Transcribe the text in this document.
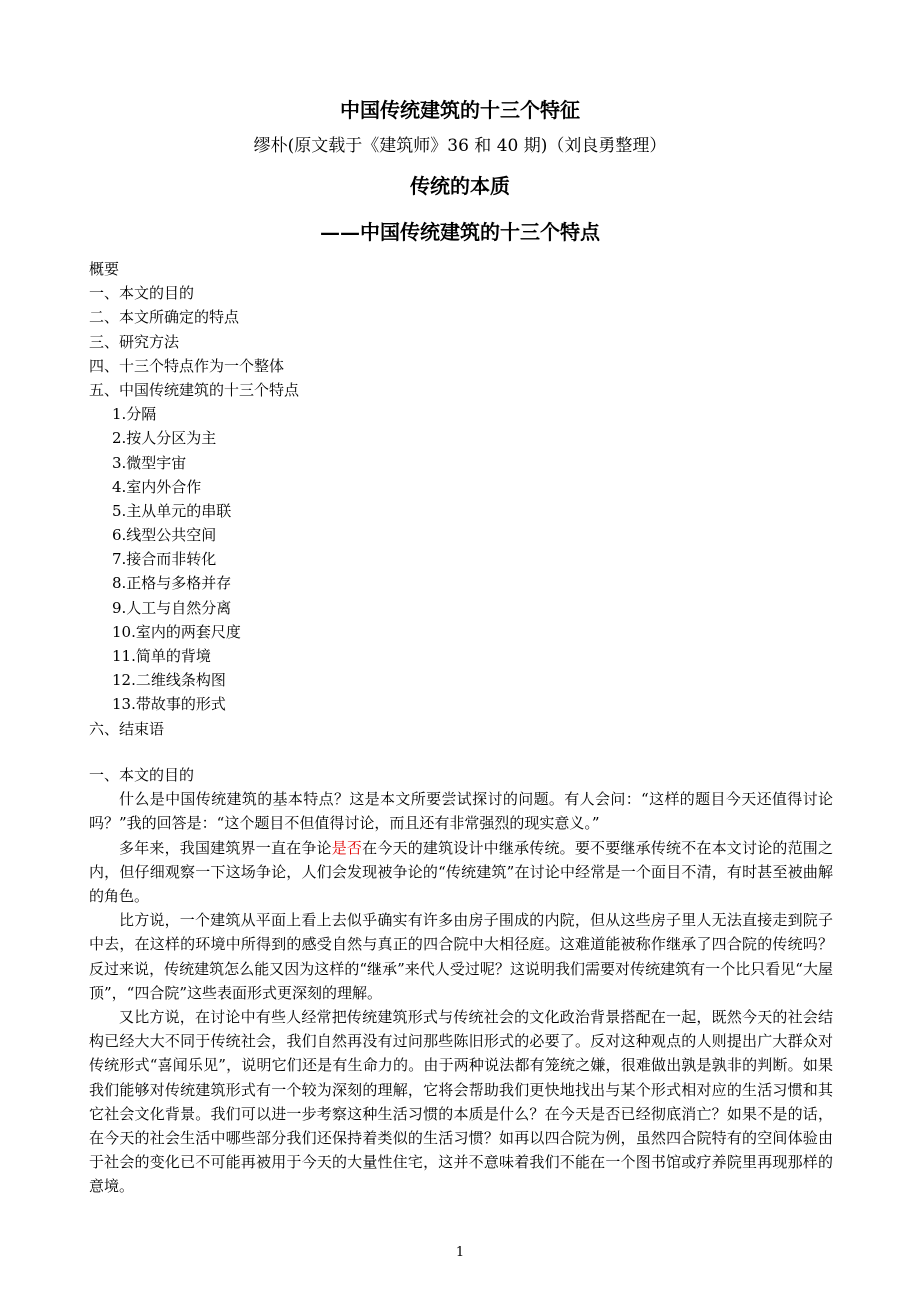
中国传统建筑的十三个特征
缪朴(原文载于《建筑师》36 和 40 期)（刘良勇整理）
传统的本质
——中国传统建筑的十三个特点
概要
一、本文的目的
二、本文所确定的特点
三、研究方法
四、十三个特点作为一个整体
五、中国传统建筑的十三个特点
1.分隔
2.按人分区为主
3.微型宇宙
4.室内外合作
5.主从单元的串联
6.线型公共空间
7.接合而非转化
8.正格与多格并存
9.人工与自然分离
10.室内的两套尺度
11.简单的背境
12.二维线条构图
13.带故事的形式
六、结束语
一、本文的目的

什么是中国传统建筑的基本特点？这是本文所要尝试探讨的问题。有人会问：“这样的题目今天还值得讨论吗？”我的回答是：“这个题目不但值得讨论，而且还有非常强烈的现实意义。”

多年来，我国建筑界一直在争论是否在今天的建筑设计中继承传统。要不要继承传统不在本文讨论的范围之内，但仔细观察一下这场争论，人们会发现被争论的“传统建筑”在讨论中经常是一个面目不清，有时甚至被曲解的角色。

比方说，一个建筑从平面上看上去似乎确实有许多由房子围成的内院，但从这些房子里人无法直接走到院子中去，在这样的环境中所得到的感受自然与真正的四合院中大相径庭。这难道能被称作继承了四合院的传统吗？反过来说，传统建筑怎么能又因为这样的“继承”来代人受过呢？这说明我们需要对传统建筑有一个比只看见“大屋顶”，“四合院”这些表面形式更深刻的理解。

又比方说，在讨论中有些人经常把传统建筑形式与传统社会的文化政治背景搭配在一起，既然今天的社会结构已经大大不同于传统社会，我们自然再没有过问那些陈旧形式的必要了。反对这种观点的人则提出广大群众对传统形式“喜闻乐见”，说明它们还是有生命力的。由于两种说法都有笼统之嫌，很难做出孰是孰非的判断。如果我们能够对传统建筑形式有一个较为深刻的理解，它将会帮助我们更快地找出与某个形式相对应的生活习惯和其它社会文化背景。我们可以进一步考察这种生活习惯的本质是什么？在今天是否已经彻底消亡？如果不是的话，在今天的社会生活中哪些部分我们还保持着类似的生活习惯？如再以四合院为例，虽然四合院特有的空间体验由于社会的变化已不可能再被用于今天的大量性住宅，这并不意味着我们不能在一个图书馆或疗养院里再现那样的意境。

1
